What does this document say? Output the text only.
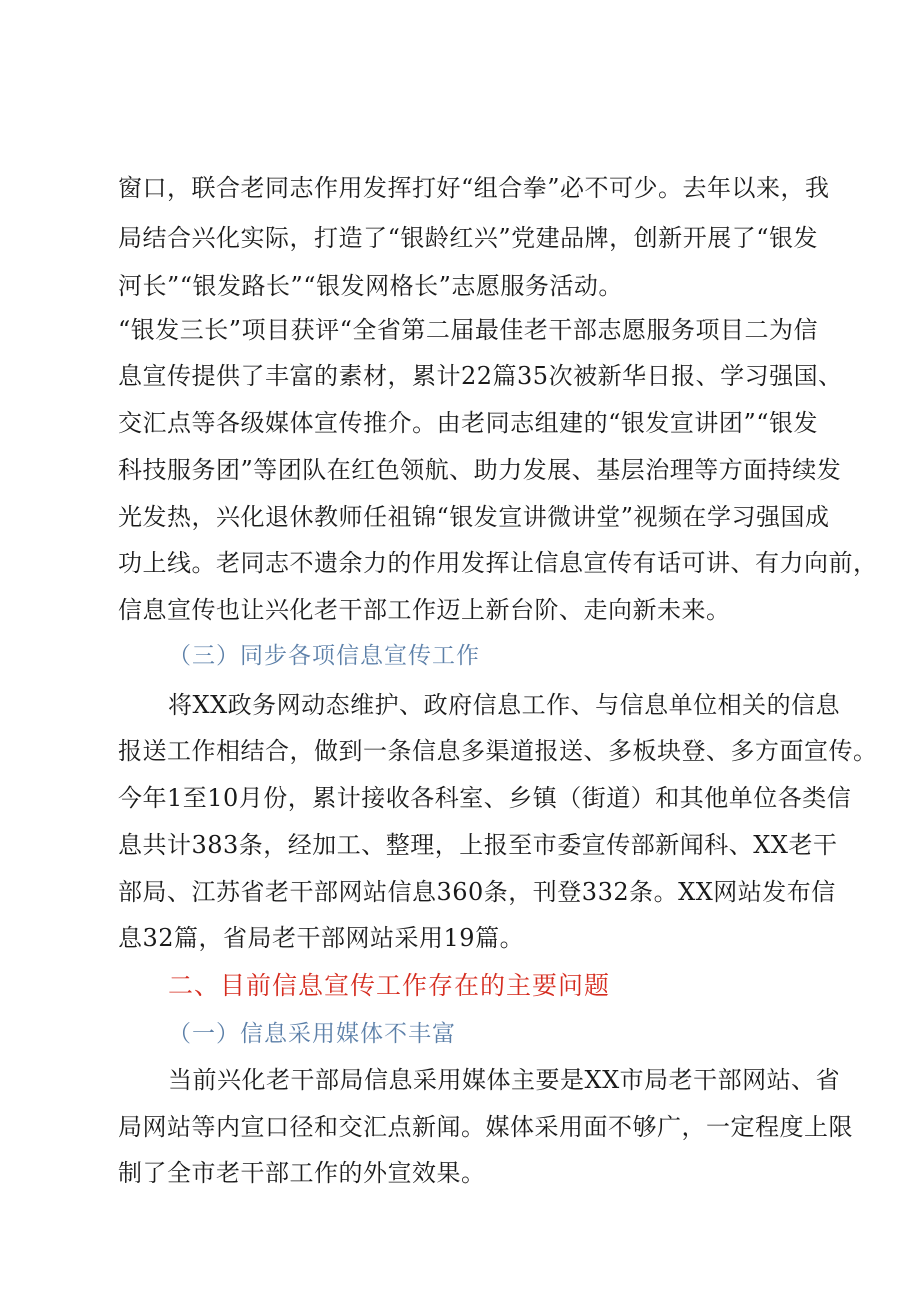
窗口，联合老同志作用发挥打好“组合拳”必不可少。去年以来，我
局结合兴化实际，打造了“银龄红兴”党建品牌，创新开展了“银发
河长”“银发路长”“银发网格长”志愿服务活动。
“银发三长”项目获评“全省第二届最佳老干部志愿服务项目二为信
息宣传提供了丰富的素材，累计22篇35次被新华日报、学习强国、
交汇点等各级媒体宣传推介。由老同志组建的“银发宣讲团”“银发
科技服务团”等团队在红色领航、助力发展、基层治理等方面持续发
光发热，兴化退休教师任祖锦“银发宣讲微讲堂”视频在学习强国成
功上线。老同志不遗余力的作用发挥让信息宣传有话可讲、有力向前，
信息宣传也让兴化老干部工作迈上新台阶、走向新未来。
（三）同步各项信息宣传工作
将XX政务网动态维护、政府信息工作、与信息单位相关的信息
报送工作相结合，做到一条信息多渠道报送、多板块登、多方面宣传。
今年1至10月份，累计接收各科室、乡镇（街道）和其他单位各类信
息共计383条，经加工、整理，上报至市委宣传部新闻科、XX老干
部局、江苏省老干部网站信息360条，刊登332条。XX网站发布信
息32篇，省局老干部网站采用19篇。
二、目前信息宣传工作存在的主要问题
（一）信息采用媒体不丰富
当前兴化老干部局信息采用媒体主要是XX市局老干部网站、省
局网站等内宣口径和交汇点新闻。媒体采用面不够广，一定程度上限
制了全市老干部工作的外宣效果。
